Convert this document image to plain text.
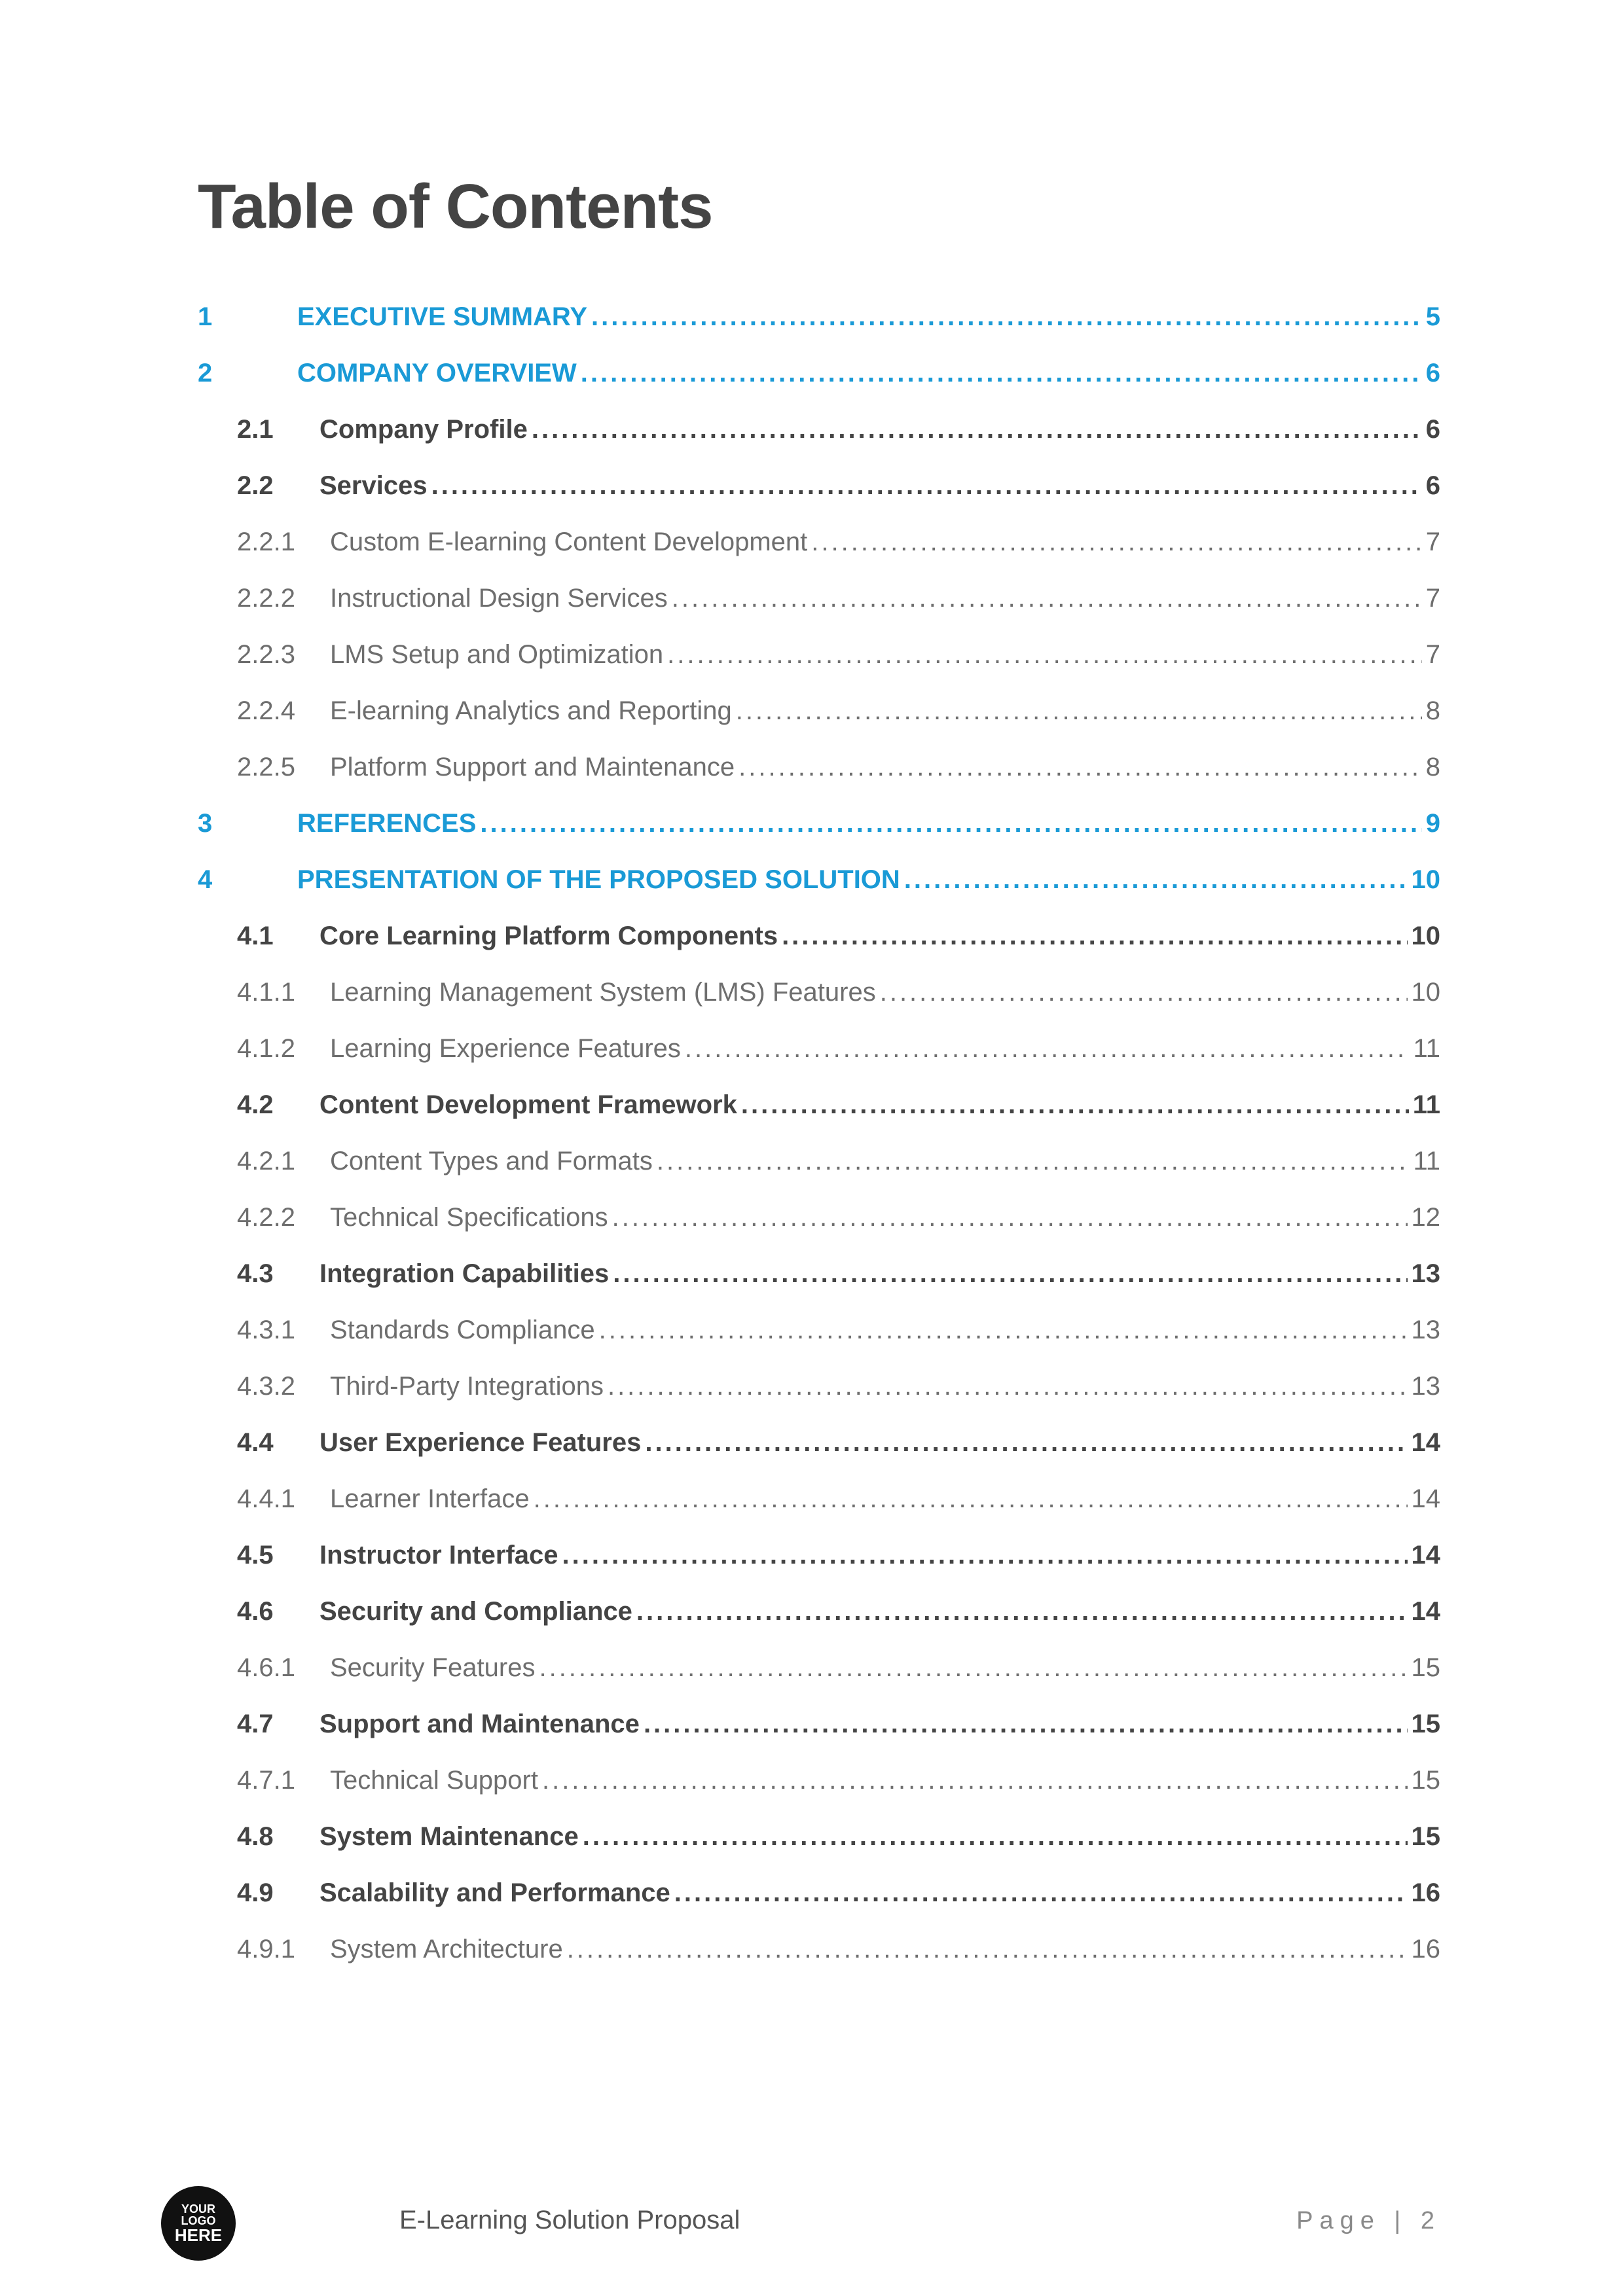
Table of Contents
1	EXECUTIVE SUMMARY .....	5
2	COMPANY OVERVIEW .....	6
2.1	Company Profile .....	6
2.2	Services .....	6
2.2.1	Custom E-learning Content Development .....	7
2.2.2	Instructional Design Services .....	7
2.2.3	LMS Setup and Optimization .....	7
2.2.4	E-learning Analytics and Reporting .....	8
2.2.5	Platform Support and Maintenance .....	8
3	REFERENCES .....	9
4	PRESENTATION OF THE PROPOSED SOLUTION .....	10
4.1	Core Learning Platform Components .....	10
4.1.1	Learning Management System (LMS) Features .....	10
4.1.2	Learning Experience Features .....	11
4.2	Content Development Framework .....	11
4.2.1	Content Types and Formats .....	11
4.2.2	Technical Specifications .....	12
4.3	Integration Capabilities .....	13
4.3.1	Standards Compliance .....	13
4.3.2	Third-Party Integrations .....	13
4.4	User Experience Features .....	14
4.4.1	Learner Interface .....	14
4.5	Instructor Interface .....	14
4.6	Security and Compliance .....	14
4.6.1	Security Features .....	15
4.7	Support and Maintenance .....	15
4.7.1	Technical Support .....	15
4.8	System Maintenance .....	15
4.9	Scalability and Performance .....	16
4.9.1	System Architecture .....	16
YOUR
LOGO
HERE
E-Learning Solution Proposal	Page | 2
